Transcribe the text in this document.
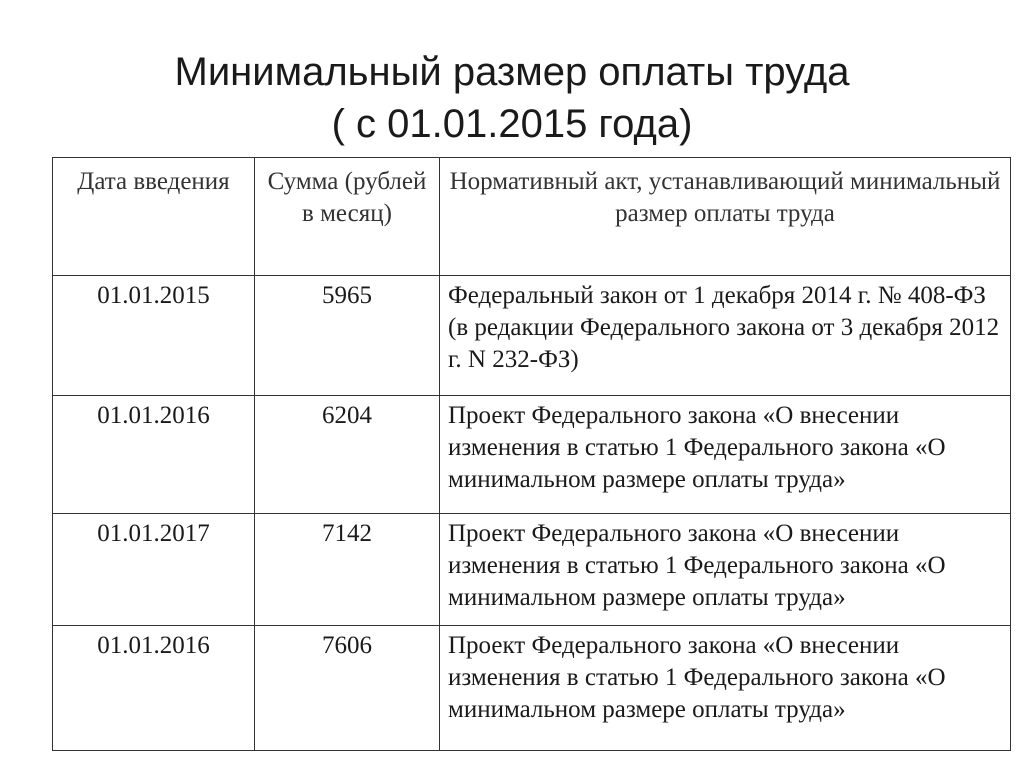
Минимальный размер оплаты труда
( с 01.01.2015 года)
Дата введения	Сумма (рублей в месяц)	Нормативный акт, устанавливающий минимальный размер оплаты труда
01.01.2015	5965	Федеральный закон от 1 декабря 2014 г. № 408-ФЗ (в редакции Федерального закона от 3 декабря 2012 г. N 232-ФЗ)
01.01.2016	6204	Проект Федерального закона «О внесении изменения в статью 1 Федерального закона «О минимальном размере оплаты труда»
01.01.2017	7142	Проект Федерального закона «О внесении изменения в статью 1 Федерального закона «О минимальном размере оплаты труда»
01.01.2016	7606	Проект Федерального закона «О внесении изменения в статью 1 Федерального закона «О минимальном размере оплаты труда»
